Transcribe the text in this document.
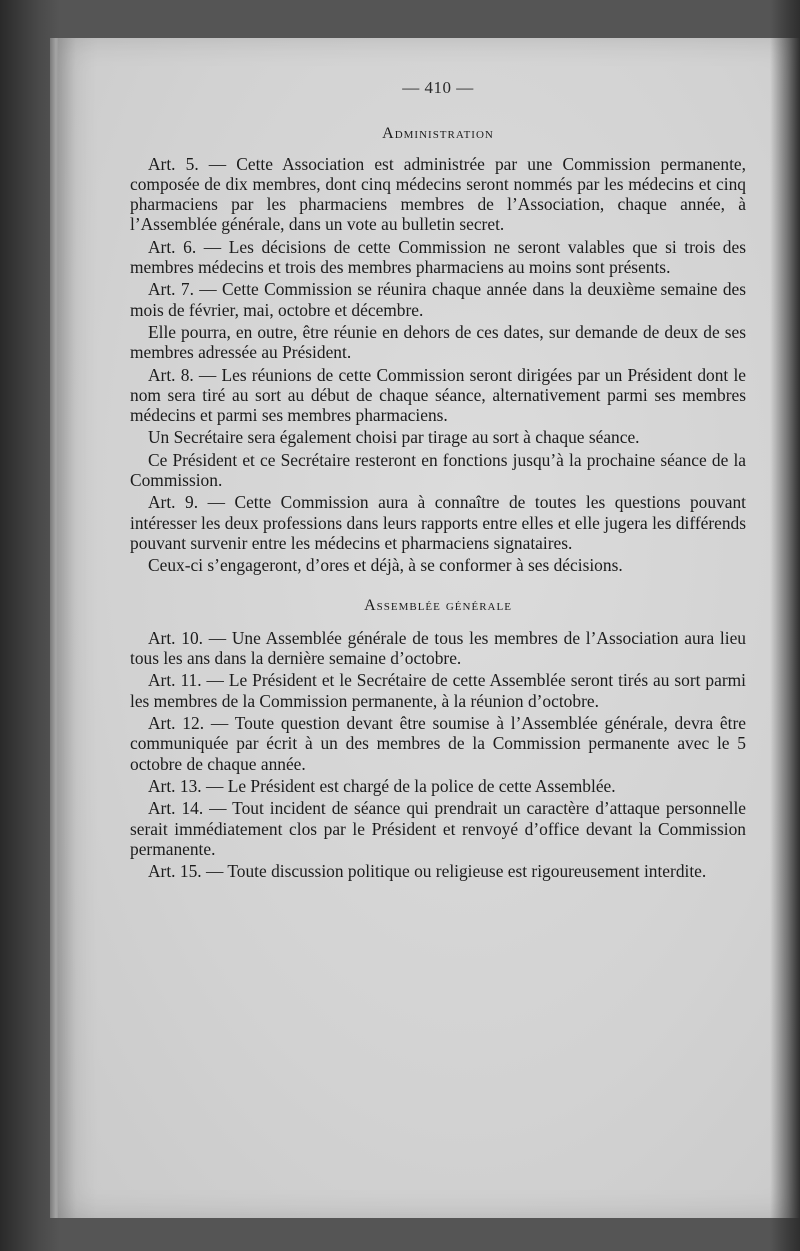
— 410 —
Administration

Art. 5. — Cette Association est administrée par une Commission permanente, composée de dix membres, dont cinq médecins seront nommés par les médecins et cinq pharmaciens par les pharmaciens membres de l’Association, chaque année, à l’Assemblée générale, dans un vote au bulletin secret.

Art. 6. — Les décisions de cette Commission ne seront valables que si trois des membres médecins et trois des membres pharmaciens au moins sont présents.

Art. 7. — Cette Commission se réunira chaque année dans la deuxième semaine des mois de février, mai, octobre et décembre.

Elle pourra, en outre, être réunie en dehors de ces dates, sur demande de deux de ses membres adressée au Président.

Art. 8. — Les réunions de cette Commission seront dirigées par un Président dont le nom sera tiré au sort au début de chaque séance, alternativement parmi ses membres médecins et parmi ses membres pharmaciens.

Un Secrétaire sera également choisi par tirage au sort à chaque séance.

Ce Président et ce Secrétaire resteront en fonctions jusqu’à la prochaine séance de la Commission.

Art. 9. — Cette Commission aura à connaître de toutes les questions pouvant intéresser les deux professions dans leurs rapports entre elles et elle jugera les différends pouvant survenir entre les médecins et pharmaciens signataires.

Ceux-ci s’engageront, d’ores et déjà, à se conformer à ses décisions.

Assemblée générale

Art. 10. — Une Assemblée générale de tous les membres de l’Association aura lieu tous les ans dans la dernière semaine d’octobre.

Art. 11. — Le Président et le Secrétaire de cette Assemblée seront tirés au sort parmi les membres de la Commission permanente, à la réunion d’octobre.

Art. 12. — Toute question devant être soumise à l’Assemblée générale, devra être communiquée par écrit à un des membres de la Commission permanente avec le 5 octobre de chaque année.

Art. 13. — Le Président est chargé de la police de cette Assemblée.

Art. 14. — Tout incident de séance qui prendrait un caractère d’attaque personnelle serait immédiatement clos par le Président et renvoyé d’office devant la Commission permanente.

Art. 15. — Toute discussion politique ou religieuse est rigoureusement interdite.
